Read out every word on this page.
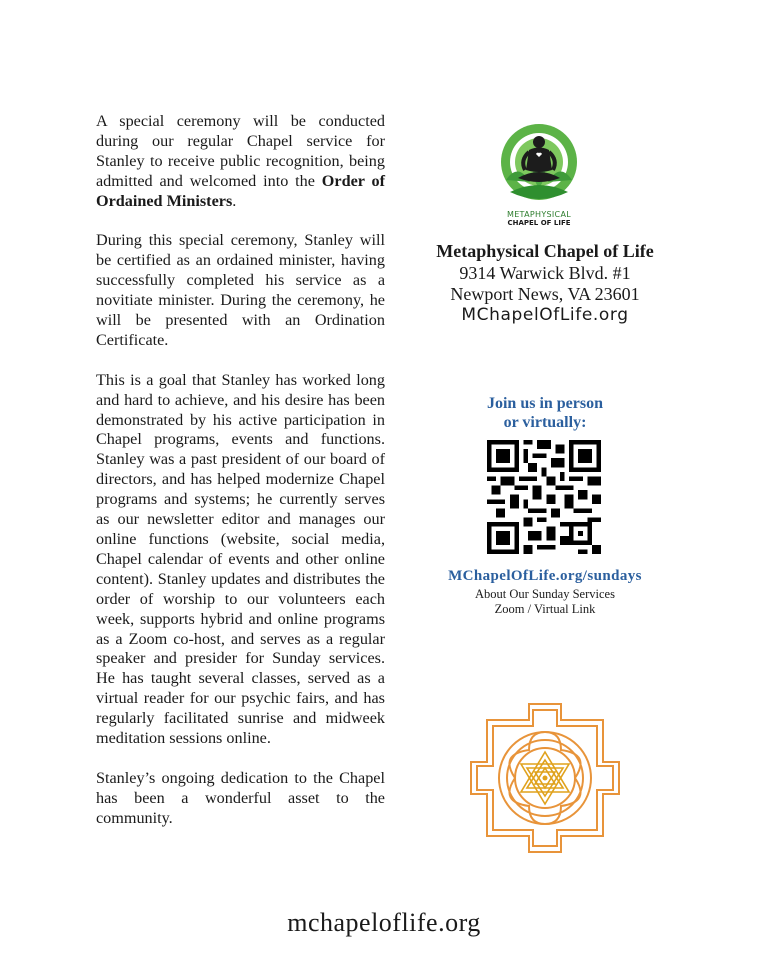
A special ceremony will be conducted during our regular Chapel service for Stanley to receive public recognition, being admitted and welcomed into the Order of Ordained Ministers.

During this special ceremony, Stanley will be certified as an ordained minister, having successfully completed his service as a novitiate minister. During the ceremony, he will be presented with an Ordination Certificate.

This is a goal that Stanley has worked long and hard to achieve, and his desire has been demonstrated by his active participation in Chapel programs, events and functions. Stanley was a past president of our board of directors, and has helped modernize Chapel programs and systems; he currently serves as our newsletter editor and manages our online functions (website, social media, Chapel calendar of events and other online content). Stanley updates and distributes the order of worship to our volunteers each week, supports hybrid and online programs as a Zoom co-host, and serves as a regular speaker and presider for Sunday services. He has taught several classes, served as a virtual reader for our psychic fairs, and has regularly facilitated sunrise and midweek meditation sessions online.

Stanley’s ongoing dedication to the Chapel has been a wonderful asset to the community.

METAPHYSICAL
CHAPEL OF LIFE
Metaphysical Chapel of Life
9314 Warwick Blvd. #1
Newport News, VA 23601
MChapelOfLife.org
Join us in person
or virtually:
MChapelOfLife.org/sundays
About Our Sunday Services
Zoom / Virtual Link
mchapeloflife.org
